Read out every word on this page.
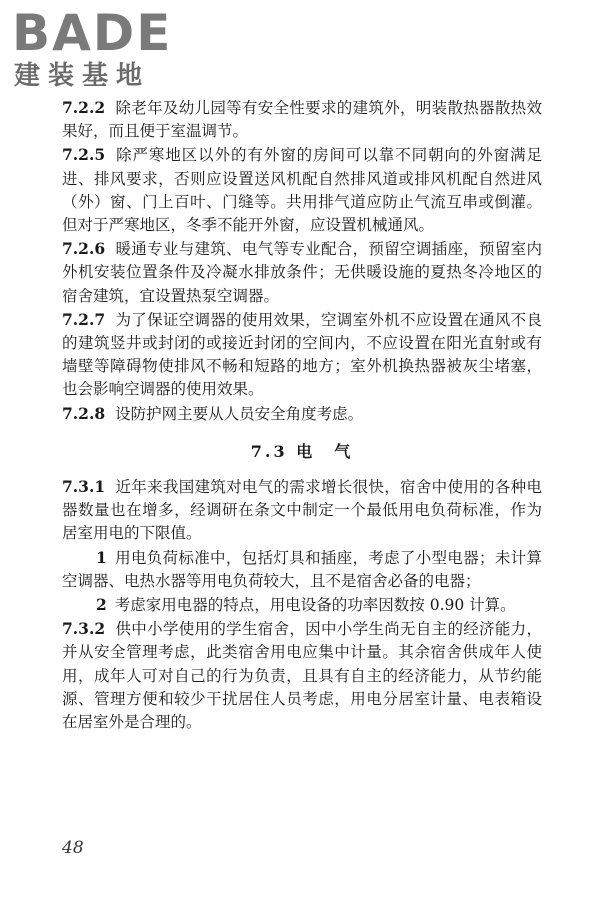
BADE
建装基地

7.2.2 除老年及幼儿园等有安全性要求的建筑外，明装散热器散热效果好，而且便于室温调节。

7.2.5 除严寒地区以外的有外窗的房间可以靠不同朝向的外窗满足进、排风要求，否则应设置送风机配自然排风道或排风机配自然进风（外）窗、门上百叶、门缝等。共用排气道应防止气流互串或倒灌。但对于严寒地区，冬季不能开外窗，应设置机械通风。

7.2.6 暖通专业与建筑、电气等专业配合，预留空调插座，预留室内外机安装位置条件及冷凝水排放条件；无供暖设施的夏热冬冷地区的宿舍建筑，宜设置热泵空调器。

7.2.7 为了保证空调器的使用效果，空调室外机不应设置在通风不良的建筑竖井或封闭的或接近封闭的空间内，不应设置在阳光直射或有墙壁等障碍物使排风不畅和短路的地方；室外机换热器被灰尘堵塞，也会影响空调器的使用效果。

7.2.8 设防护网主要从人员安全角度考虑。

7.3 电　气

7.3.1 近年来我国建筑对电气的需求增长很快，宿舍中使用的各种电器数量也在增多，经调研在条文中制定一个最低用电负荷标准，作为居室用电的下限值。

1 用电负荷标准中，包括灯具和插座，考虑了小型电器；未计算空调器、电热水器等用电负荷较大，且不是宿舍必备的电器；

2 考虑家用电器的特点，用电设备的功率因数按 0.90 计算。

7.3.2 供中小学使用的学生宿舍，因中小学生尚无自主的经济能力，并从安全管理考虑，此类宿舍用电应集中计量。其余宿舍供成年人使用，成年人可对自己的行为负责，且具有自主的经济能力，从节约能源、管理方便和较少干扰居住人员考虑，用电分居室计量、电表箱设在居室外是合理的。

48
